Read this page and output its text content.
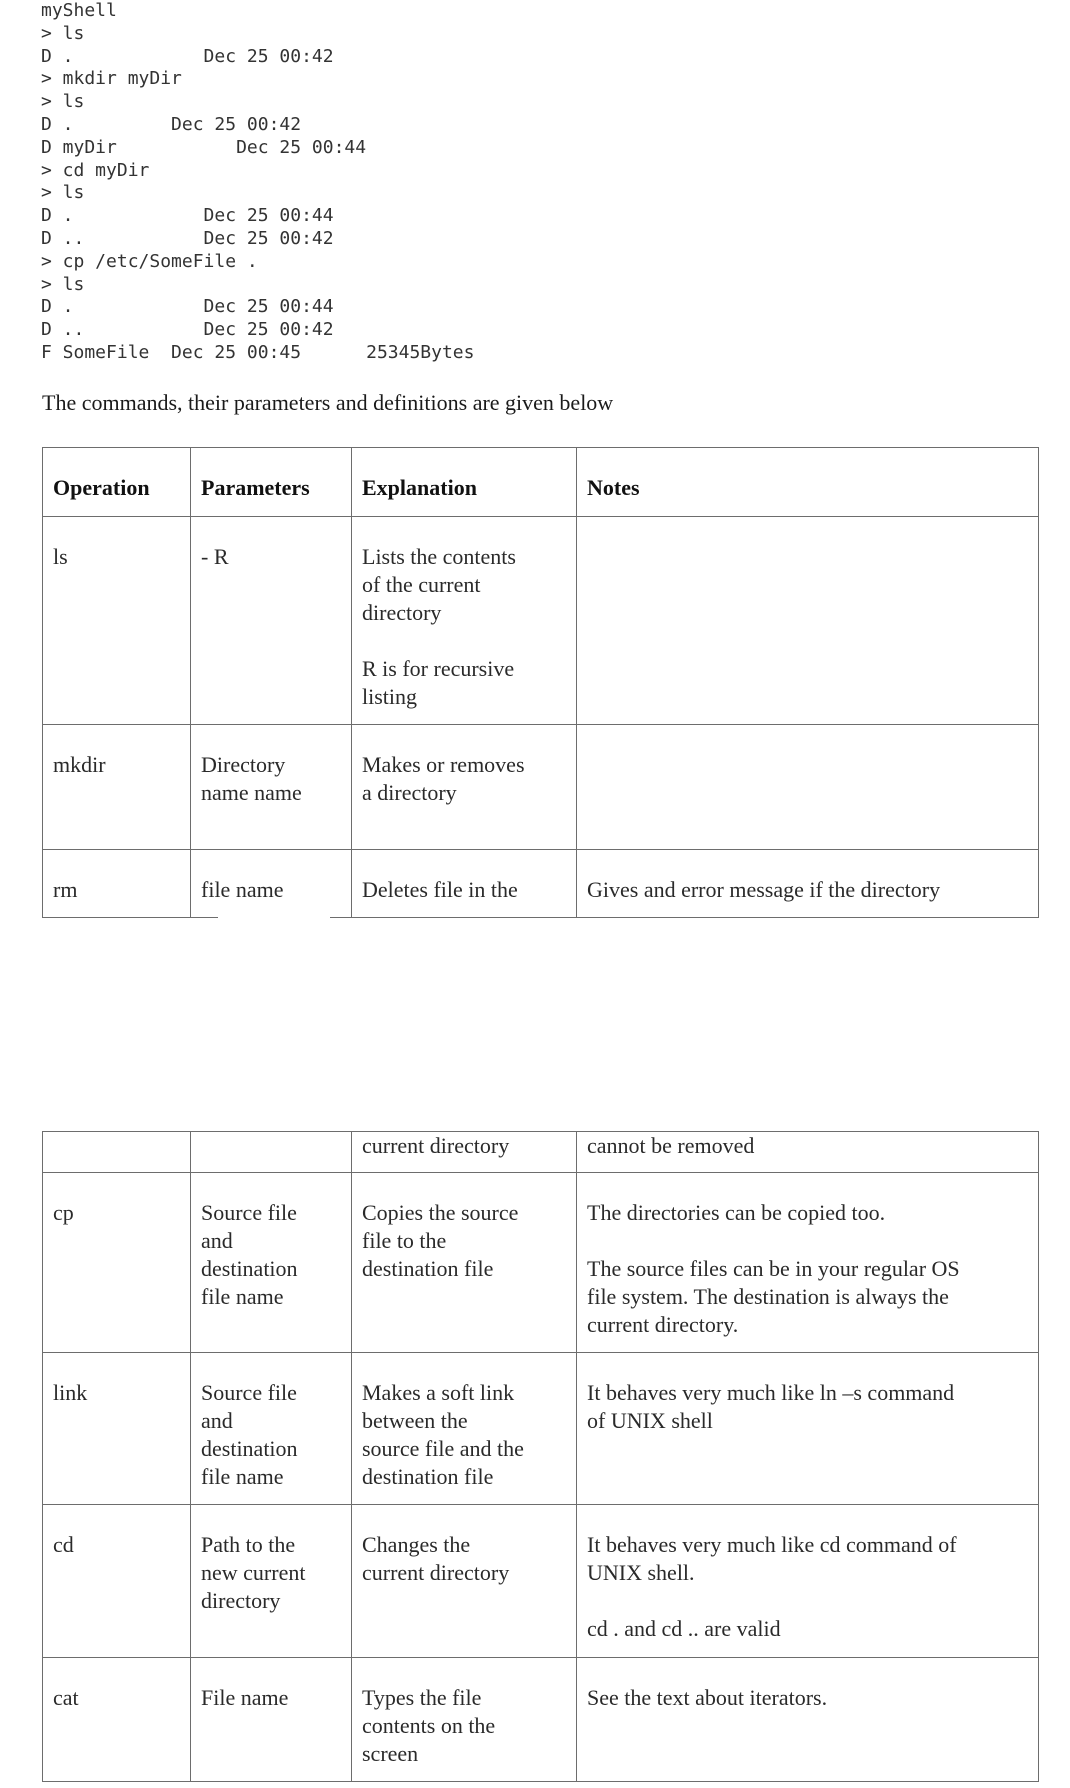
myShell
> ls
D .            Dec 25 00:42
> mkdir myDir
> ls
D .         Dec 25 00:42
D myDir           Dec 25 00:44
> cd myDir
> ls
D .            Dec 25 00:44
D ..           Dec 25 00:42
> cp /etc/SomeFile .
> ls
D .            Dec 25 00:44
D ..           Dec 25 00:42
F SomeFile  Dec 25 00:45      25345Bytes
The commands, their parameters and definitions are given below
Operation	Parameters	Explanation	Notes

ls	- R	Lists the contents
of the current
directory

R is for recursive
listing	

mkdir	Directory
name name	Makes or removes
a directory	

rm	file name	Deletes file in the	Gives and error message if the directory

		current directory	cannot be removed

cp	Source file
and
destination
file name	Copies the source
file to the
destination file	The directories can be copied too.

The source files can be in your regular OS
file system. The destination is always the
current directory.

link	Source file
and
destination
file name	Makes a soft link
between the
source file and the
destination file	It behaves very much like ln –s command
of UNIX shell

cd	Path to the
new current
directory	Changes the
current directory	It behaves very much like cd command of
UNIX shell.

cd . and cd .. are valid

cat	File name	Types the file
contents on the
screen	See the text about iterators.
